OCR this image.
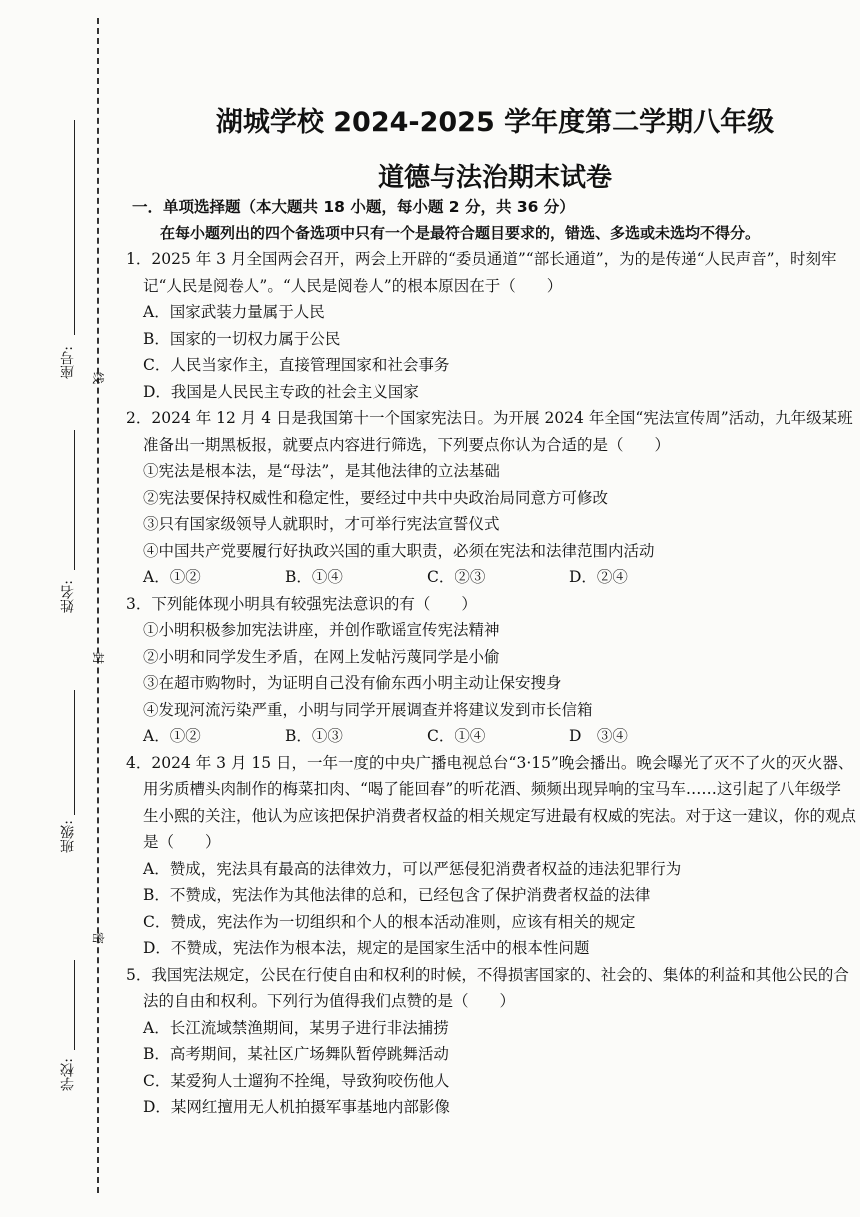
座号: 线
姓名:
封
班级:
密
学校:
湖城学校 2024-2025 学年度第二学期八年级
道德与法治期末试卷
一．单项选择题（本大题共 18 小题，每小题 2 分，共 36 分）
在每小题列出的四个备选项中只有一个是最符合题目要求的，错选、多选或未选均不得分。
1．2025 年 3 月全国两会召开，两会上开辟的“委员通道”“部长通道”，为的是传递“人民声音”，时刻牢记“人民是阅卷人”。“人民是阅卷人”的根本原因在于（　　）
A．国家武装力量属于人民
B．国家的一切权力属于公民
C．人民当家作主，直接管理国家和社会事务
D．我国是人民民主专政的社会主义国家
2．2024 年 12 月 4 日是我国第十一个国家宪法日。为开展 2024 年全国“宪法宣传周”活动，九年级某班准备出一期黑板报，就要点内容进行筛选，下列要点你认为合适的是（　　）
①宪法是根本法，是“母法”，是其他法律的立法基础
②宪法要保持权威性和稳定性，要经过中共中央政治局同意方可修改
③只有国家级领导人就职时，才可举行宪法宣誓仪式
④中国共产党要履行好执政兴国的重大职责，必须在宪法和法律范围内活动
A．①②	B．①④	C．②③	D．②④
3．下列能体现小明具有较强宪法意识的有（　　）
①小明积极参加宪法讲座，并创作歌谣宣传宪法精神
②小明和同学发生矛盾，在网上发帖污蔑同学是小偷
③在超市购物时，为证明自己没有偷东西小明主动让保安搜身
④发现河流污染严重，小明与同学开展调查并将建议发到市长信箱
A．①②	B．①③	C．①④	D　③④
4．2024 年 3 月 15 日，一年一度的中央广播电视总台“3·15”晚会播出。晚会曝光了灭不了火的灭火器、用劣质槽头肉制作的梅菜扣肉、“喝了能回春”的听花酒、频频出现异响的宝马车……这引起了八年级学生小熙的关注，他认为应该把保护消费者权益的相关规定写进最有权威的宪法。对于这一建议，你的观点是（　　）
A．赞成，宪法具有最高的法律效力，可以严惩侵犯消费者权益的违法犯罪行为
B．不赞成，宪法作为其他法律的总和，已经包含了保护消费者权益的法律
C．赞成，宪法作为一切组织和个人的根本活动准则，应该有相关的规定
D．不赞成，宪法作为根本法，规定的是国家生活中的根本性问题
5．我国宪法规定，公民在行使自由和权利的时候，不得损害国家的、社会的、集体的利益和其他公民的合法的自由和权利。下列行为值得我们点赞的是（　　）
A．长江流域禁渔期间，某男子进行非法捕捞
B．高考期间，某社区广场舞队暂停跳舞活动
C．某爱狗人士遛狗不拴绳，导致狗咬伤他人
D．某网红擅用无人机拍摄军事基地内部影像
